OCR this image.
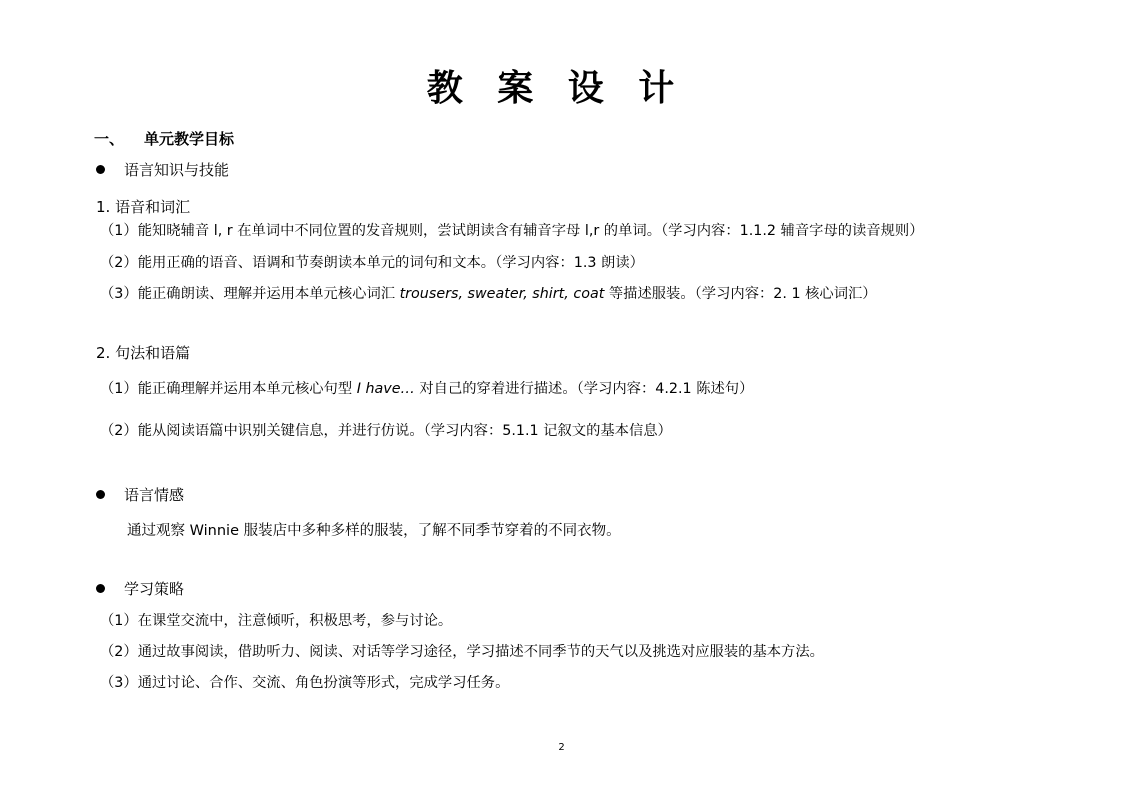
教 案 设 计
一、 单元教学目标
语言知识与技能
1. 语音和词汇
（1）能知晓辅音 l, r 在单词中不同位置的发音规则，尝试朗读含有辅音字母 l,r 的单词。（学习内容：1.1.2 辅音字母的读音规则）
（2）能用正确的语音、语调和节奏朗读本单元的词句和文本。（学习内容：1.3 朗读）
（3）能正确朗读、理解并运用本单元核心词汇 trousers, sweater, shirt, coat 等描述服装。（学习内容：2. 1 核心词汇）
2. 句法和语篇
（1）能正确理解并运用本单元核心句型 I have… 对自己的穿着进行描述。（学习内容：4.2.1 陈述句）
（2）能从阅读语篇中识别关键信息，并进行仿说。（学习内容：5.1.1 记叙文的基本信息）
语言情感
通过观察 Winnie 服装店中多种多样的服装，了解不同季节穿着的不同衣物。
学习策略
（1）在课堂交流中，注意倾听，积极思考，参与讨论。
（2）通过故事阅读，借助听力、阅读、对话等学习途径，学习描述不同季节的天气以及挑选对应服装的基本方法。
（3）通过讨论、合作、交流、角色扮演等形式，完成学习任务。
2
